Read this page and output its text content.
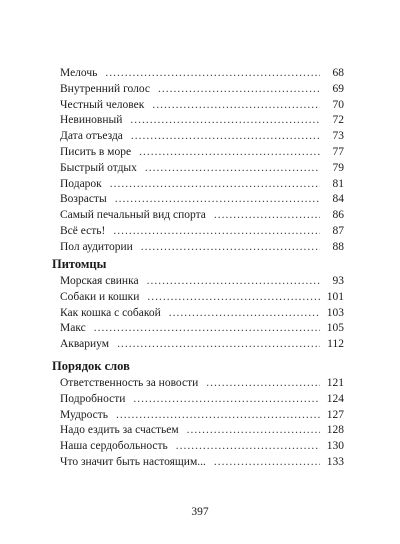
Мелочь .....	68
Внутренний голос .....	69
Честный человек .....	70
Невиновный .....	72
Дата отъезда .....	73
Писить в море .....	77
Быстрый отдых .....	79
Подарок .....	81
Возрасты .....	84
Самый печальный вид спорта .....	86
Всё есть! .....	87
Пол аудитории .....	88
Питомцы
Морская свинка .....	93
Собаки и кошки .....	101
Как кошка с собакой .....	103
Макс .....	105
Аквариум .....	112
Порядок слов
Ответственность за новости .....	121
Подробности .....	124
Мудрость .....	127
Надо ездить за счастьем .....	128
Наша сердобольность .....	130
Что значит быть настоящим... .....	133
397
